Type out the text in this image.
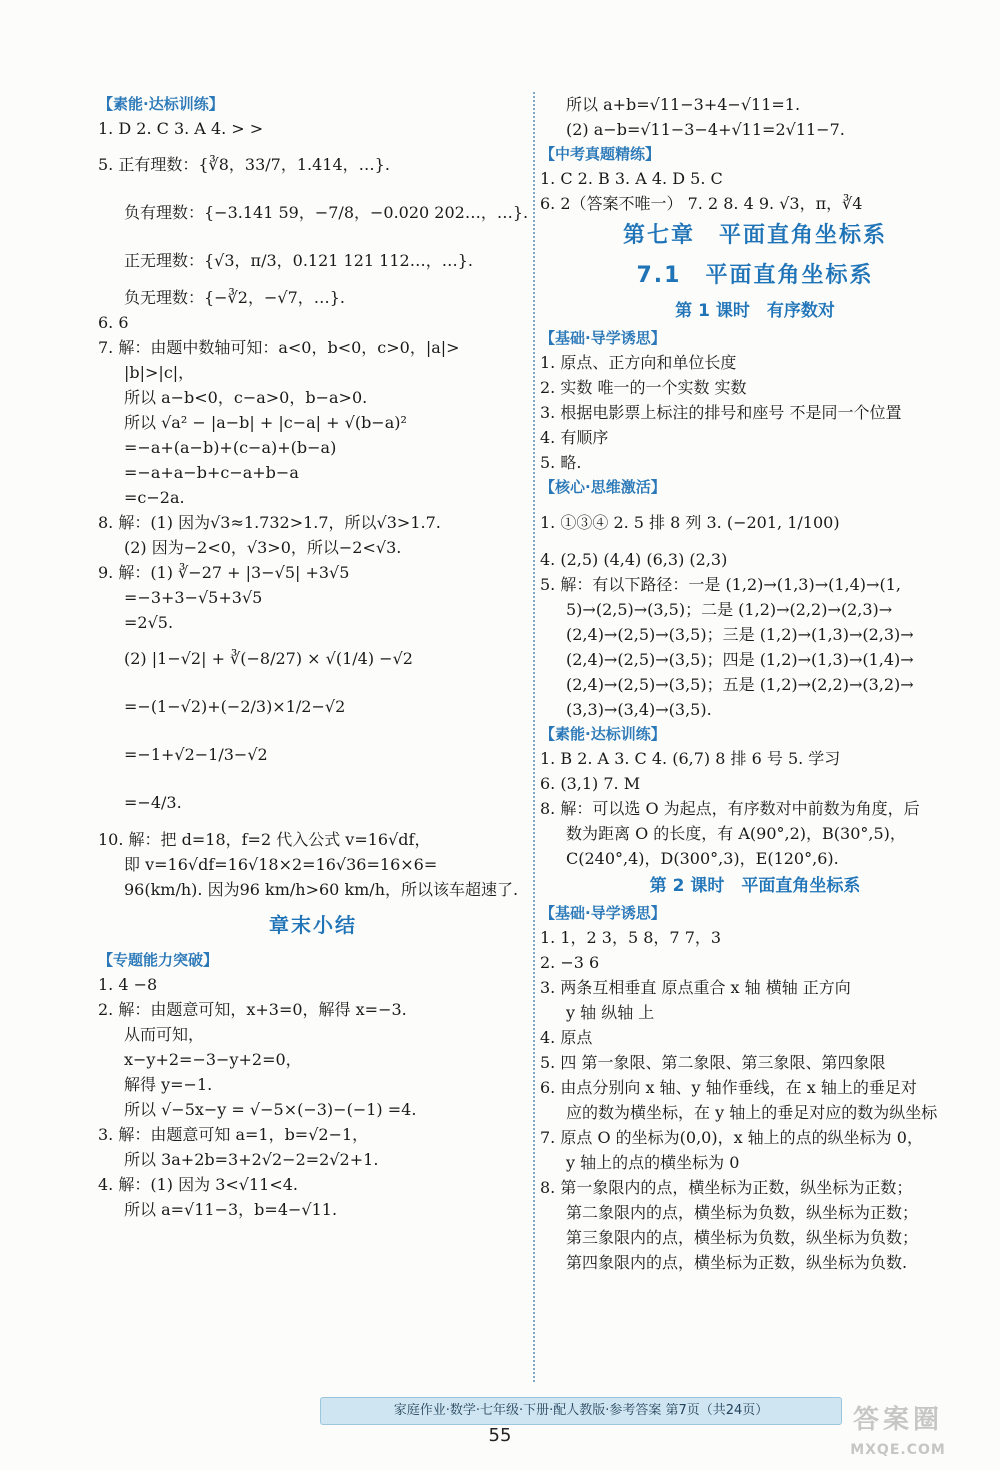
【素能·达标训练】
1. D 2. C 3. A 4. > >
5. 正有理数：{∛8，33/7，1.414，…}.
负有理数：{−3.141 59，−7/8，−0.020 202…，…}.
正无理数：{√3，π/3，0.121 121 112…，…}.
负无理数：{−∛2，−√7，…}.
6. 6
7. 解：由题中数轴可知：a<0，b<0，c>0，|a|>
|b|>|c|，
所以 a−b<0，c−a>0，b−a>0.
所以 √a² − |a−b| + |c−a| + √(b−a)²
=−a+(a−b)+(c−a)+(b−a)
=−a+a−b+c−a+b−a
=c−2a.
8. 解：(1) 因为√3≈1.732>1.7，所以√3>1.7.
(2) 因为−2<0，√3>0，所以−2<√3.
9. 解：(1) ∛−27 + |3−√5| +3√5
=−3+3−√5+3√5
=2√5.
(2) |1−√2| + ∛(−8/27) × √(1/4) −√2
=−(1−√2)+(−2/3)×1/2−√2
=−1+√2−1/3−√2
=−4/3.
10. 解：把 d=18，f=2 代入公式 v=16√df，
即 v=16√df=16√18×2=16√36=16×6=
96(km/h). 因为96 km/h>60 km/h，所以该车超速了.
章末小结
【专题能力突破】
1. 4 −8
2. 解：由题意可知，x+3=0，解得 x=−3.
从而可知，
x−y+2=−3−y+2=0，
解得 y=−1.
所以 √−5x−y = √−5×(−3)−(−1) =4.
3. 解：由题意可知 a=1，b=√2−1，
所以 3a+2b=3+2√2−2=2√2+1.
4. 解：(1) 因为 3<√11<4.
所以 a=√11−3，b=4−√11.
所以 a+b=√11−3+4−√11=1.
(2) a−b=√11−3−4+√11=2√11−7.
【中考真题精练】
1. C 2. B 3. A 4. D 5. C
6. 2（答案不唯一） 7. 2 8. 4 9. √3，π，∛4
第七章　平面直角坐标系
7.1　平面直角坐标系
第 1 课时　有序数对
【基础·导学诱思】
1. 原点、正方向和单位长度
2. 实数 唯一的一个实数 实数
3. 根据电影票上标注的排号和座号 不是同一个位置
4. 有顺序
5. 略.
【核心·思维激活】
1. ①③④ 2. 5 排 8 列 3. (−201, 1/100)
4. (2,5) (4,4) (6,3) (2,3)
5. 解：有以下路径：一是 (1,2)→(1,3)→(1,4)→(1,
5)→(2,5)→(3,5)；二是 (1,2)→(2,2)→(2,3)→
(2,4)→(2,5)→(3,5)；三是 (1,2)→(1,3)→(2,3)→
(2,4)→(2,5)→(3,5)；四是 (1,2)→(1,3)→(1,4)→
(2,4)→(2,5)→(3,5)；五是 (1,2)→(2,2)→(3,2)→
(3,3)→(3,4)→(3,5).
【素能·达标训练】
1. B 2. A 3. C 4. (6,7) 8 排 6 号 5. 学习
6. (3,1) 7. M
8. 解：可以选 O 为起点，有序数对中前数为角度，后
数为距离 O 的长度，有 A(90°,2)，B(30°,5)，
C(240°,4)，D(300°,3)，E(120°,6).
第 2 课时　平面直角坐标系
【基础·导学诱思】
1. 1，2 3，5 8，7 7，3
2. −3 6
3. 两条互相垂直 原点重合 x 轴 横轴 正方向
y 轴 纵轴 上
4. 原点
5. 四 第一象限、第二象限、第三象限、第四象限
6. 由点分别向 x 轴、y 轴作垂线，在 x 轴上的垂足对
应的数为横坐标，在 y 轴上的垂足对应的数为纵坐标
7. 原点 O 的坐标为(0,0)，x 轴上的点的纵坐标为 0，
y 轴上的点的横坐标为 0
8. 第一象限内的点，横坐标为正数，纵坐标为正数；
第二象限内的点，横坐标为负数，纵坐标为正数；
第三象限内的点，横坐标为负数，纵坐标为负数；
第四象限内的点，横坐标为正数，纵坐标为负数.
家庭作业·数学·七年级·下册·配人教版·参考答案 第7页（共24页）
55
答案圈
MXQE.COM
